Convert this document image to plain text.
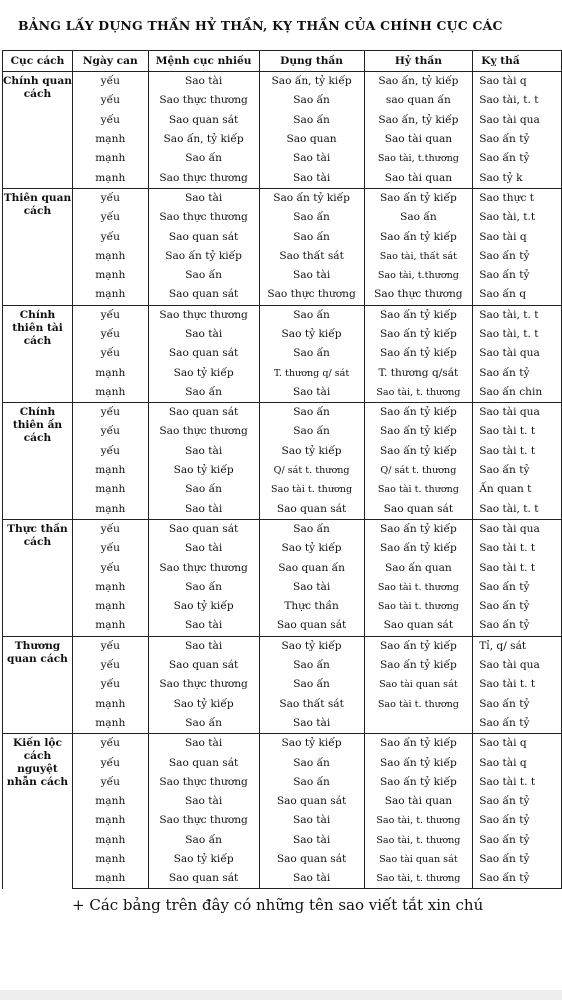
BẢNG LẤY DỤNG THẦN HỶ THẦN, KỴ THẦN CỦA CHÍNH CỤC CÁC
Cục cách	Ngày can	Mệnh cục nhiều	Dụng thần	Hỷ thần	Kỵ thầ
Chính quan cách	yếu	Sao tài	Sao ấn, tỷ kiếp	Sao ấn, tỷ kiếp	Sao tài q
	yếu	Sao thực thương	Sao ấn	sao quan ấn	Sao tài, t. t
	yếu	Sao quan sát	Sao ấn	Sao ấn, tỷ kiếp	Sao tài qua
	mạnh	Sao ấn, tỷ kiếp	Sao quan	Sao tài quan	Sao ấn tỷ
	mạnh	Sao ấn	Sao tài	Sao tài, t.thương	Sao ấn tỷ
	mạnh	Sao thực thương	Sao tài	Sao tài quan	Sao tỷ k
Thiên quan cách	yếu	Sao tài	Sao ấn tỷ kiếp	Sao ấn tỷ kiếp	Sao thực t
	yếu	Sao thực thương	Sao ấn	Sao ấn	Sao tài, t.t
	yếu	Sao quan sát	Sao ấn	Sao ấn tỷ kiếp	Sao tài q
	mạnh	Sao ấn tỷ kiếp	Sao thất sát	Sao tài, thất sát	Sao ấn tỷ
	mạnh	Sao ấn	Sao tài	Sao tài, t.thương	Sao ấn tỷ
	mạnh	Sao quan sát	Sao thực thương	Sao thực thương	Sao ấn q
Chính thiên tài cách	yếu	Sao thực thương	Sao ấn	Sao ấn tỷ kiếp	Sao tài, t. t
	yếu	Sao tài	Sao tỷ kiếp	Sao ấn tỷ kiếp	Sao tài, t. t
	yếu	Sao quan sát	Sao ấn	Sao ấn tỷ kiếp	Sao tài qua
	mạnh	Sao tỷ kiếp	T. thương q/ sát	T. thương q/sát	Sao ấn tỷ
	mạnh	Sao ấn	Sao tài	Sao tài, t. thương	Sao ấn chin
Chính thiên ấn cách	yếu	Sao quan sát	Sao ấn	Sao ấn tỷ kiếp	Sao tài qua
	yếu	Sao thực thương	Sao ấn	Sao ấn tỷ kiếp	Sao tài t. t
	yếu	Sao tài	Sao tỷ kiếp	Sao ấn tỷ kiếp	Sao tài t. t
	mạnh	Sao tỷ kiếp	Q/ sát t. thương	Q/ sát t. thương	Sao ấn tỷ
	mạnh	Sao ấn	Sao tài t. thương	Sao tài t. thương	Ấn quan t
	mạnh	Sao tài	Sao quan sát	Sao quan sát	Sao tài, t. t
Thực thần cách	yếu	Sao quan sát	Sao ấn	Sao ấn tỷ kiếp	Sao tài qua
	yếu	Sao tài	Sao tỷ kiếp	Sao ấn tỷ kiếp	Sao tài t. t
	yếu	Sao thực thương	Sao quan ấn	Sao ấn quan	Sao tài t. t
	mạnh	Sao ấn	Sao tài	Sao tài t. thương	Sao ấn tỷ
	mạnh	Sao tỷ kiếp	Thực thần	Sao tài t. thương	Sao ấn tỷ
	mạnh	Sao tài	Sao quan sát	Sao quan sát	Sao ấn tỷ
Thương quan cách	yếu	Sao tài	Sao tỷ kiếp	Sao ấn tỷ kiếp	Tỉ, q/ sát
	yếu	Sao quan sát	Sao ấn	Sao ấn tỷ kiếp	Sao tài qua
	yếu	Sao thực thương	Sao ấn	Sao tài quan sát	Sao tài t. t
	mạnh	Sao tỷ kiếp	Sao thất sát	Sao tài t. thương	Sao ấn tỷ
	mạnh	Sao ấn	Sao tài		Sao ấn tỷ
Kiến lộc cách nguyệt nhẫn cách	yếu	Sao tài	Sao tỷ kiếp	Sao ấn tỷ kiếp	Sao tài q
	yếu	Sao quan sát	Sao ấn	Sao ấn tỷ kiếp	Sao tài q
	yếu	Sao thực thương	Sao ấn	Sao ấn tỷ kiếp	Sao tài t. t
	mạnh	Sao tài	Sao quan sát	Sao tài quan	Sao ấn tỷ
	mạnh	Sao thực thương	Sao tài	Sao tài, t. thương	Sao ấn tỷ
	mạnh	Sao ấn	Sao tài	Sao tài, t. thương	Sao ấn tỷ
	mạnh	Sao tỷ kiếp	Sao quan sát	Sao tài quan sát	Sao ấn tỷ
	mạnh	Sao quan sát	Sao tài	Sao tài, t. thương	Sao ấn tỷ
+ Các bảng trên đây có những tên sao viết tắt xin chú
